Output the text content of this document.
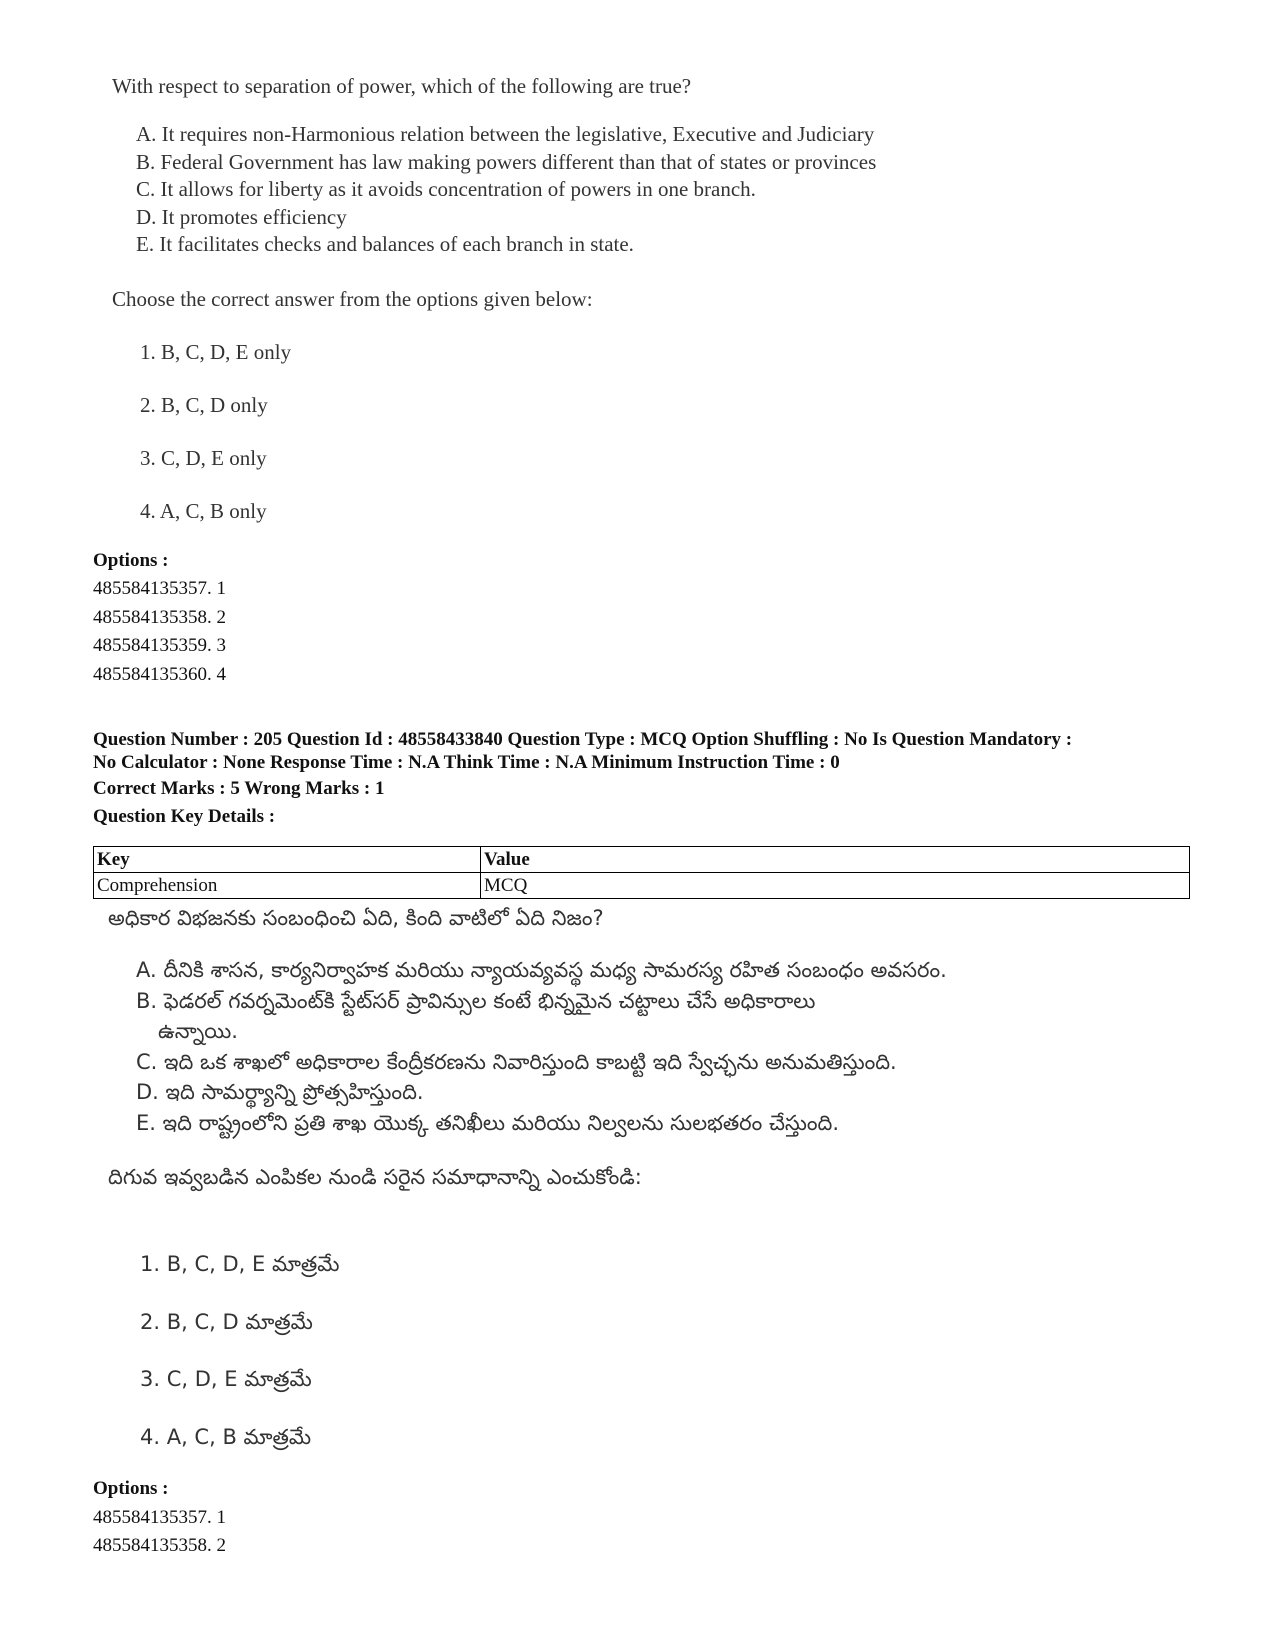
With respect to separation of power, which of the following are true?
A. It requires non-Harmonious relation between the legislative, Executive and Judiciary
B. Federal Government has law making powers different than that of states or provinces
C. It allows for liberty as it avoids concentration of powers in one branch.
D. It promotes efficiency
E. It facilitates checks and balances of each branch in state.
Choose the correct answer from the options given below:
1. B, C, D, E only
2. B, C, D only
3. C, D, E only
4. A, C, B only
Options :
485584135357. 1
485584135358. 2
485584135359. 3
485584135360. 4
Question Number : 205 Question Id : 48558433840 Question Type : MCQ Option Shuffling : No Is Question Mandatory :
No Calculator : None Response Time : N.A Think Time : N.A Minimum Instruction Time : 0
Correct Marks : 5 Wrong Marks : 1
Question Key Details :
Key	Value
Comprehension	MCQ
అధికార విభజనకు సంబంధించి ఏది, కింది వాటిలో ఏది నిజం?
A. దీనికి శాసన, కార్యనిర్వాహక మరియు న్యాయవ్యవస్థ మధ్య సామరస్య రహిత సంబంధం అవసరం.
B. ఫెడరల్ గవర్నమెంట్‌కి స్టేట్‌సర్ ప్రావిన్సుల కంటే భిన్నమైన చట్టాలు చేసే అధికారాలు
ఉన్నాయి.
C. ఇది ఒక శాఖలో అధికారాల కేంద్రీకరణను నివారిస్తుంది కాబట్టి ఇది స్వేచ్ఛను అనుమతిస్తుంది.
D. ఇది సామర్థ్యాన్ని ప్రోత్సహిస్తుంది.
E. ఇది రాష్ట్రంలోని ప్రతి శాఖ యొక్క తనిఖీలు మరియు నిల్వలను సులభతరం చేస్తుంది.
దిగువ ఇవ్వబడిన ఎంపికల నుండి సరైన సమాధానాన్ని ఎంచుకోండి:
1. B, C, D, E మాత్రమే
2. B, C, D మాత్రమే
3. C, D, E మాత్రమే
4. A, C, B మాత్రమే
Options :
485584135357. 1
485584135358. 2
